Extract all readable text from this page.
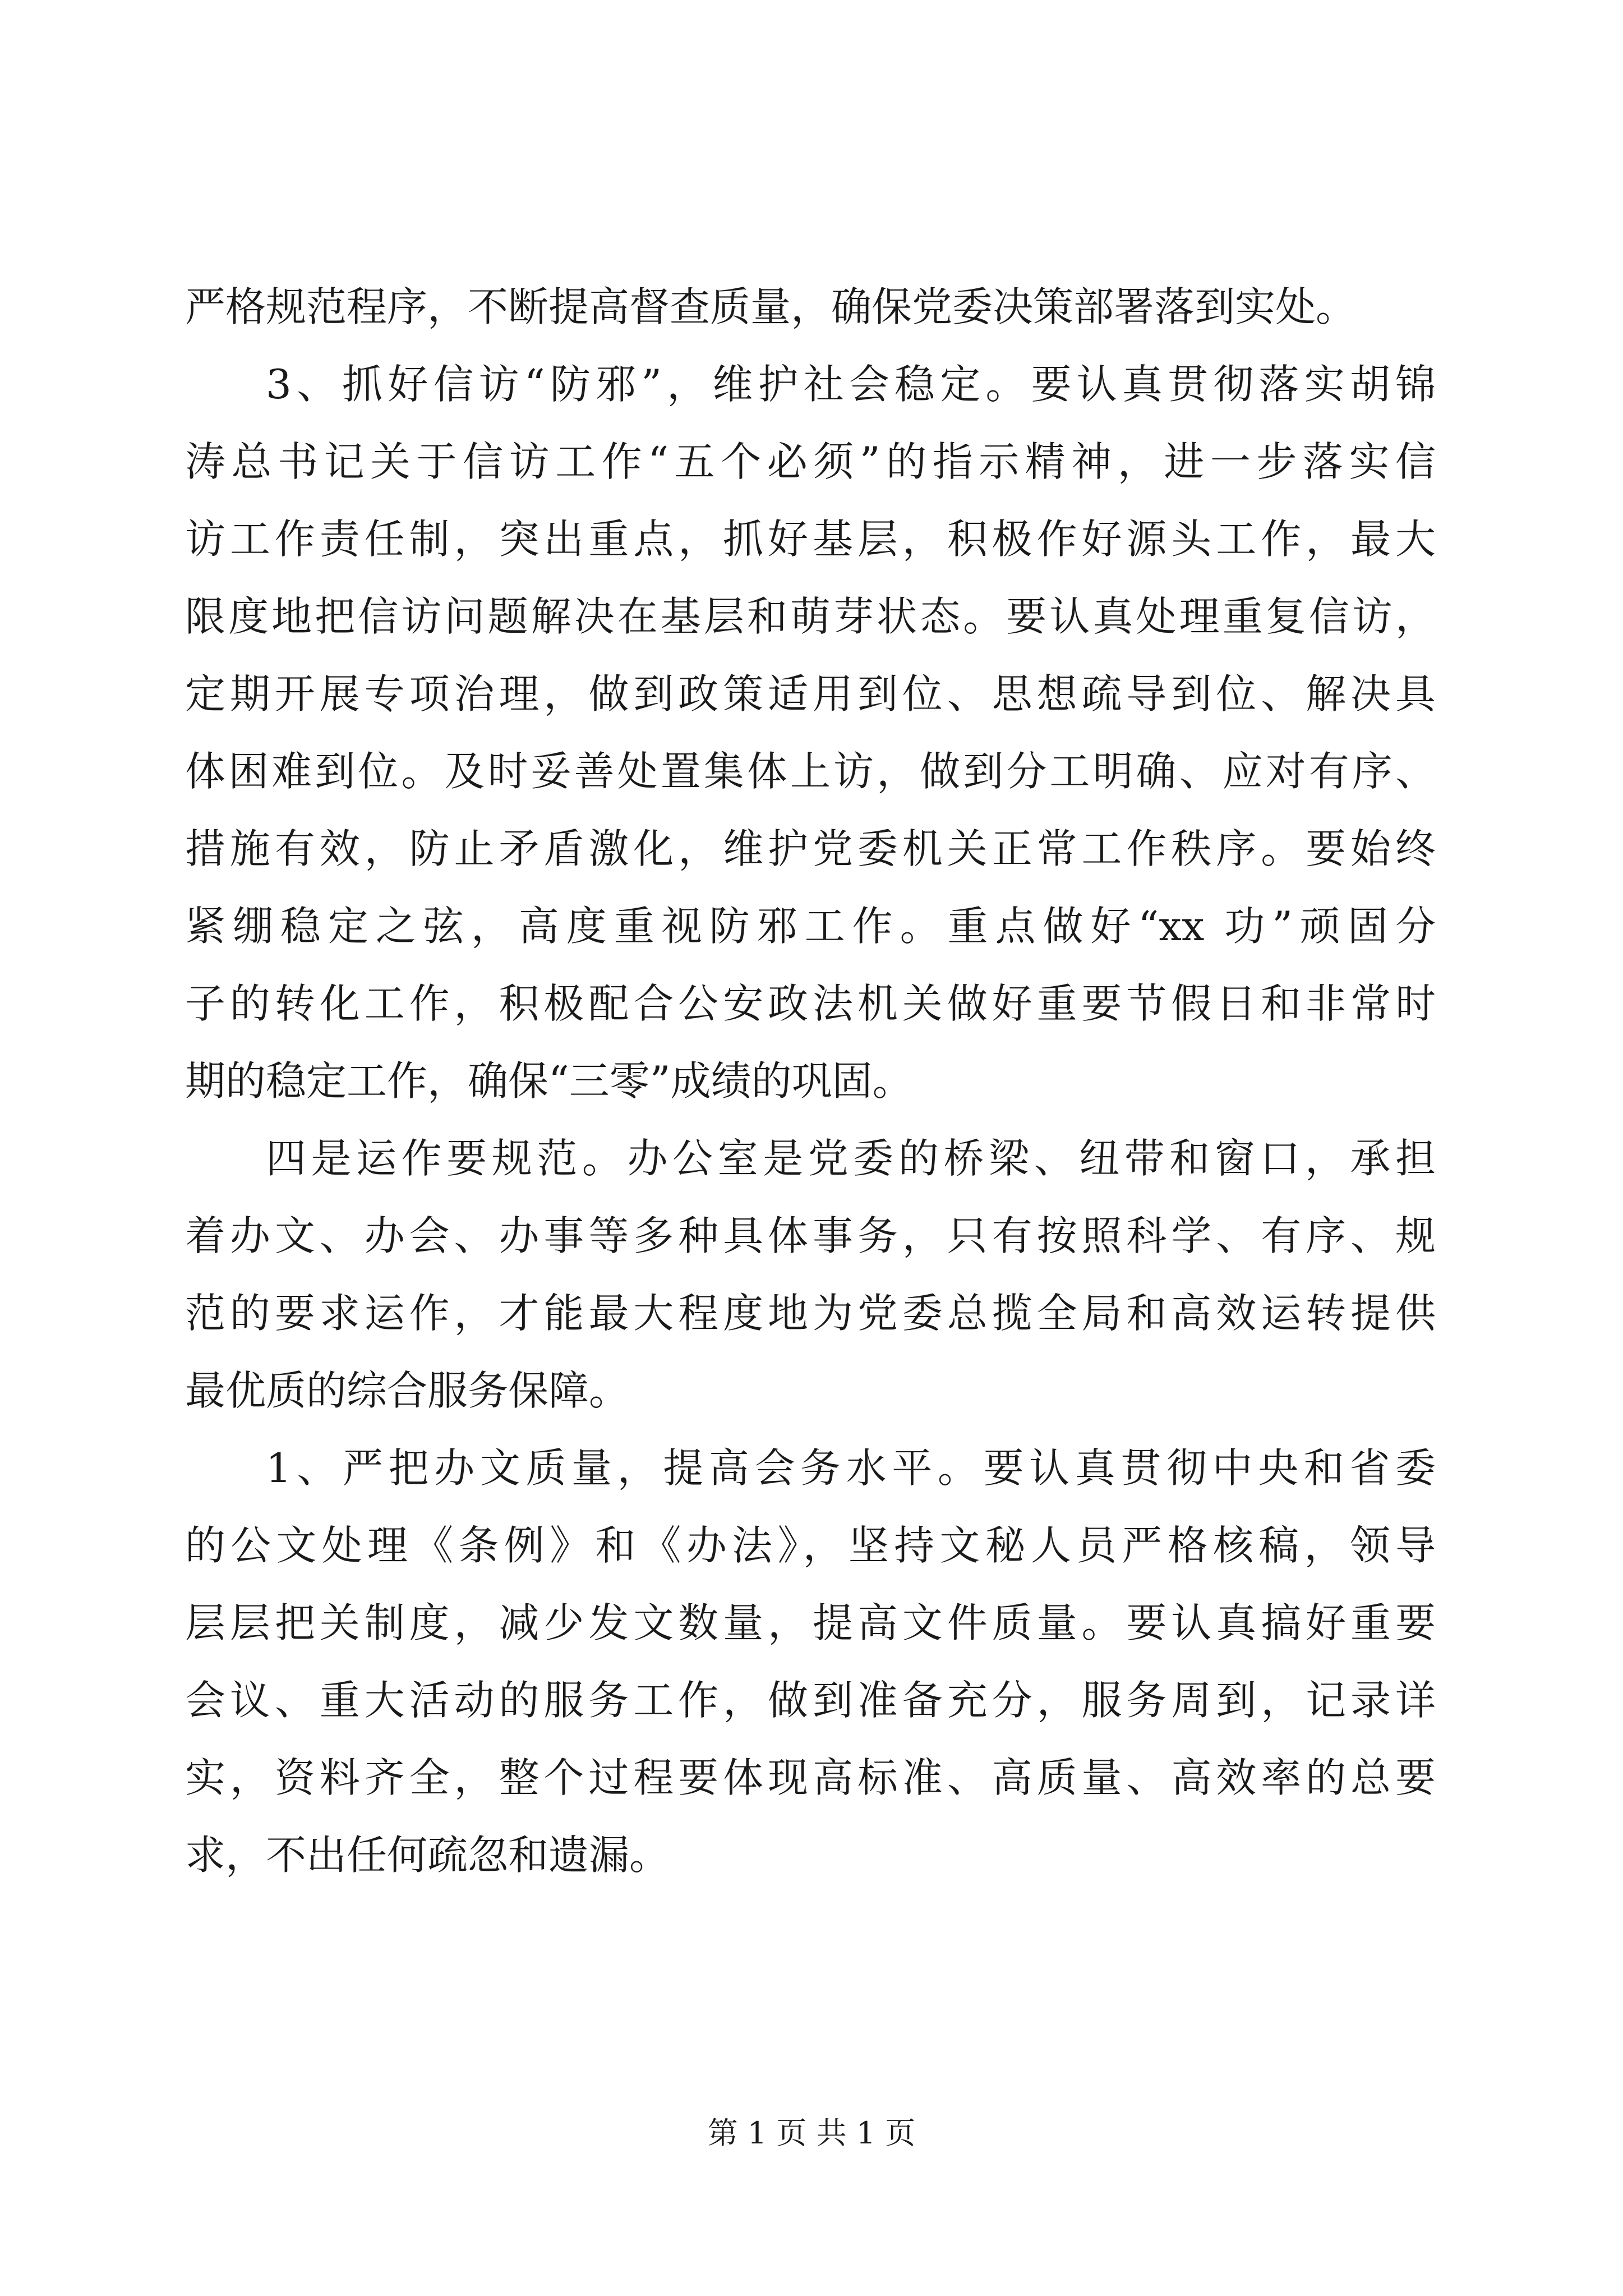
严格规范程序，不断提高督查质量，确保党委决策部署落到实处。
3、抓好信访“防邪”，维护社会稳定。要认真贯彻落实胡锦
涛总书记关于信访工作“五个必须”的指示精神，进一步落实信
访工作责任制，突出重点，抓好基层，积极作好源头工作，最大
限度地把信访问题解决在基层和萌芽状态。要认真处理重复信访，
定期开展专项治理，做到政策适用到位、思想疏导到位、解决具
体困难到位。及时妥善处置集体上访，做到分工明确、应对有序、
措施有效，防止矛盾激化，维护党委机关正常工作秩序。要始终
紧绷稳定之弦，高度重视防邪工作。重点做好“xx 功”顽固分
子的转化工作，积极配合公安政法机关做好重要节假日和非常时
期的稳定工作，确保“三零”成绩的巩固。
四是运作要规范。办公室是党委的桥梁、纽带和窗口，承担
着办文、办会、办事等多种具体事务，只有按照科学、有序、规
范的要求运作，才能最大程度地为党委总揽全局和高效运转提供
最优质的综合服务保障。
1、严把办文质量，提高会务水平。要认真贯彻中央和省委
的公文处理《条例》和《办法》，坚持文秘人员严格核稿，领导
层层把关制度，减少发文数量，提高文件质量。要认真搞好重要
会议、重大活动的服务工作，做到准备充分，服务周到，记录详
实，资料齐全，整个过程要体现高标准、高质量、高效率的总要
求，不出任何疏忽和遗漏。
第 1 页 共 1 页
